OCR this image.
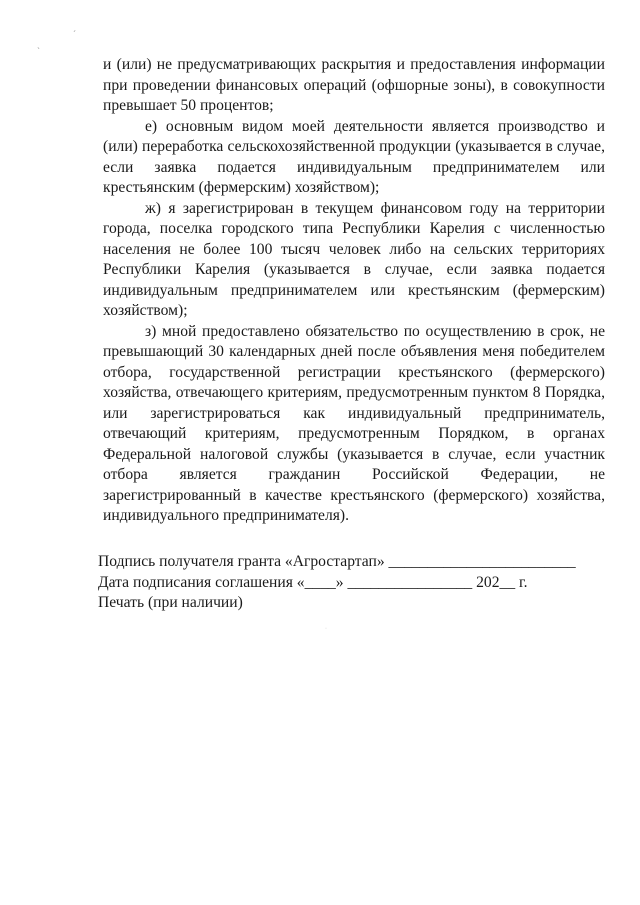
ˏ
ˊ
·

и (или) не предусматривающих раскрытия и предоставления информации при проведении финансовых операций (офшорные зоны), в совокупности превышает 50 процентов;

е) основным видом моей деятельности является производство и (или) переработка сельскохозяйственной продукции (указывается в случае, если заявка подается индивидуальным предпринимателем или крестьянским (фермерским) хозяйством);

ж) я зарегистрирован в текущем финансовом году на территории города, поселка городского типа Республики Карелия с численностью населения не более 100 тысяч человек либо на сельских территориях Республики Карелия (указывается в случае, если заявка подается индивидуальным предпринимателем или крестьянским (фермерским) хозяйством);

з) мной предоставлено обязательство по осуществлению в срок, не превышающий 30 календарных дней после объявления меня победителем отбора, государственной регистрации крестьянского (фермерского) хозяйства, отвечающего критериям, предусмотренным пунктом 8 Порядка, или зарегистрироваться как индивидуальный предприниматель, отвечающий критериям, предусмотренным Порядком, в органах Федеральной налоговой службы (указывается в случае, если участник отбора является гражданин Российской Федерации, не зарегистрированный в качестве крестьянского (фермерского) хозяйства, индивидуального предпринимателя).

Подпись получателя гранта «Агростартап» ________________________

Дата подписания соглашения «____» ________________ 202__ г.

Печать (при наличии)
